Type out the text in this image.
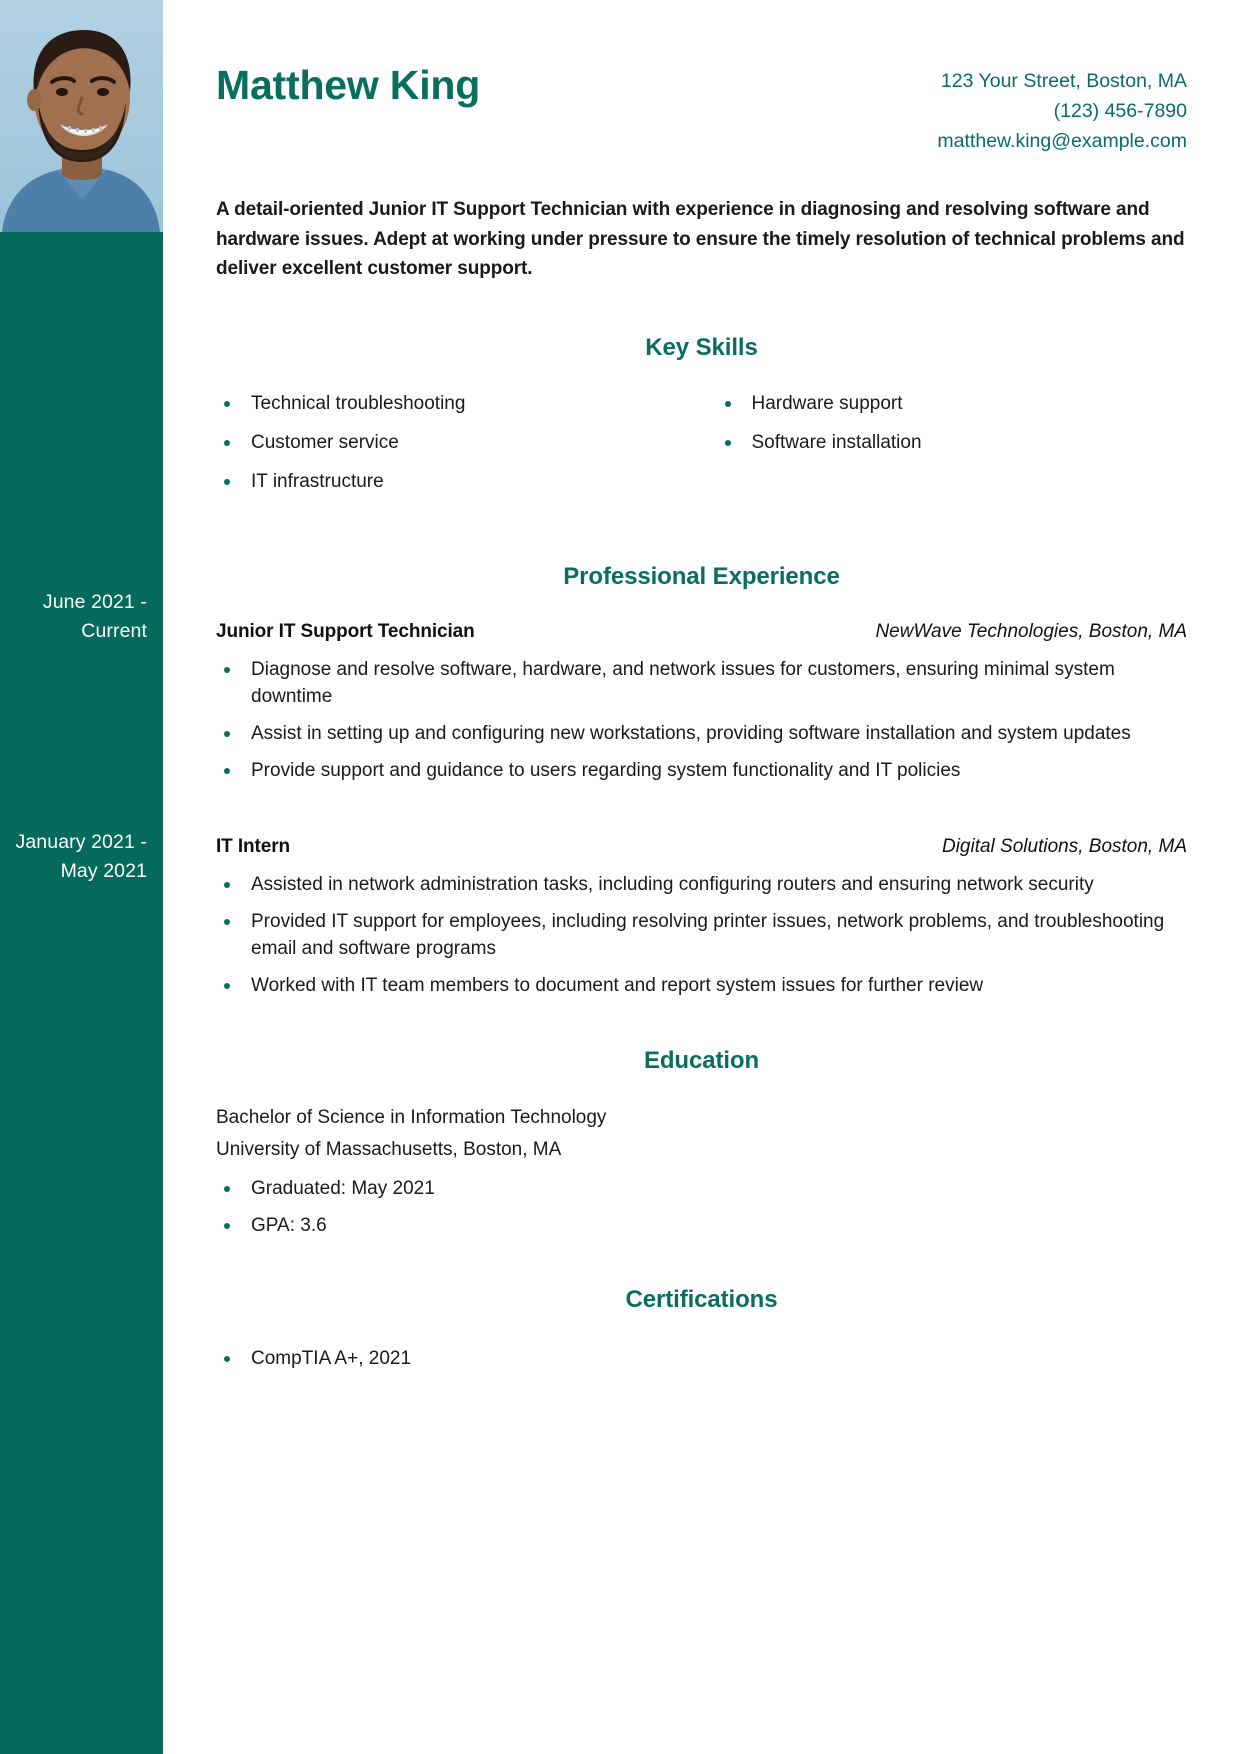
June 2021 - Current
January 2021 - May 2021
Matthew King	123 Your Street, Boston, MA
(123) 456-7890
matthew.king@example.com
A detail-oriented Junior IT Support Technician with experience in diagnosing and resolving software and hardware issues. Adept at working under pressure to ensure the timely resolution of technical problems and deliver excellent customer support.
Key Skills
Technical troubleshooting
Customer service
IT infrastructure
Hardware support
Software installation
Professional Experience
Junior IT Support Technician	NewWave Technologies, Boston, MA
Diagnose and resolve software, hardware, and network issues for customers, ensuring minimal system downtime
Assist in setting up and configuring new workstations, providing software installation and system updates
Provide support and guidance to users regarding system functionality and IT policies
IT Intern	Digital Solutions, Boston, MA
Assisted in network administration tasks, including configuring routers and ensuring network security
Provided IT support for employees, including resolving printer issues, network problems, and troubleshooting email and software programs
Worked with IT team members to document and report system issues for further review
Education
Bachelor of Science in Information Technology
University of Massachusetts, Boston, MA
Graduated: May 2021
GPA: 3.6
Certifications
CompTIA A+, 2021
